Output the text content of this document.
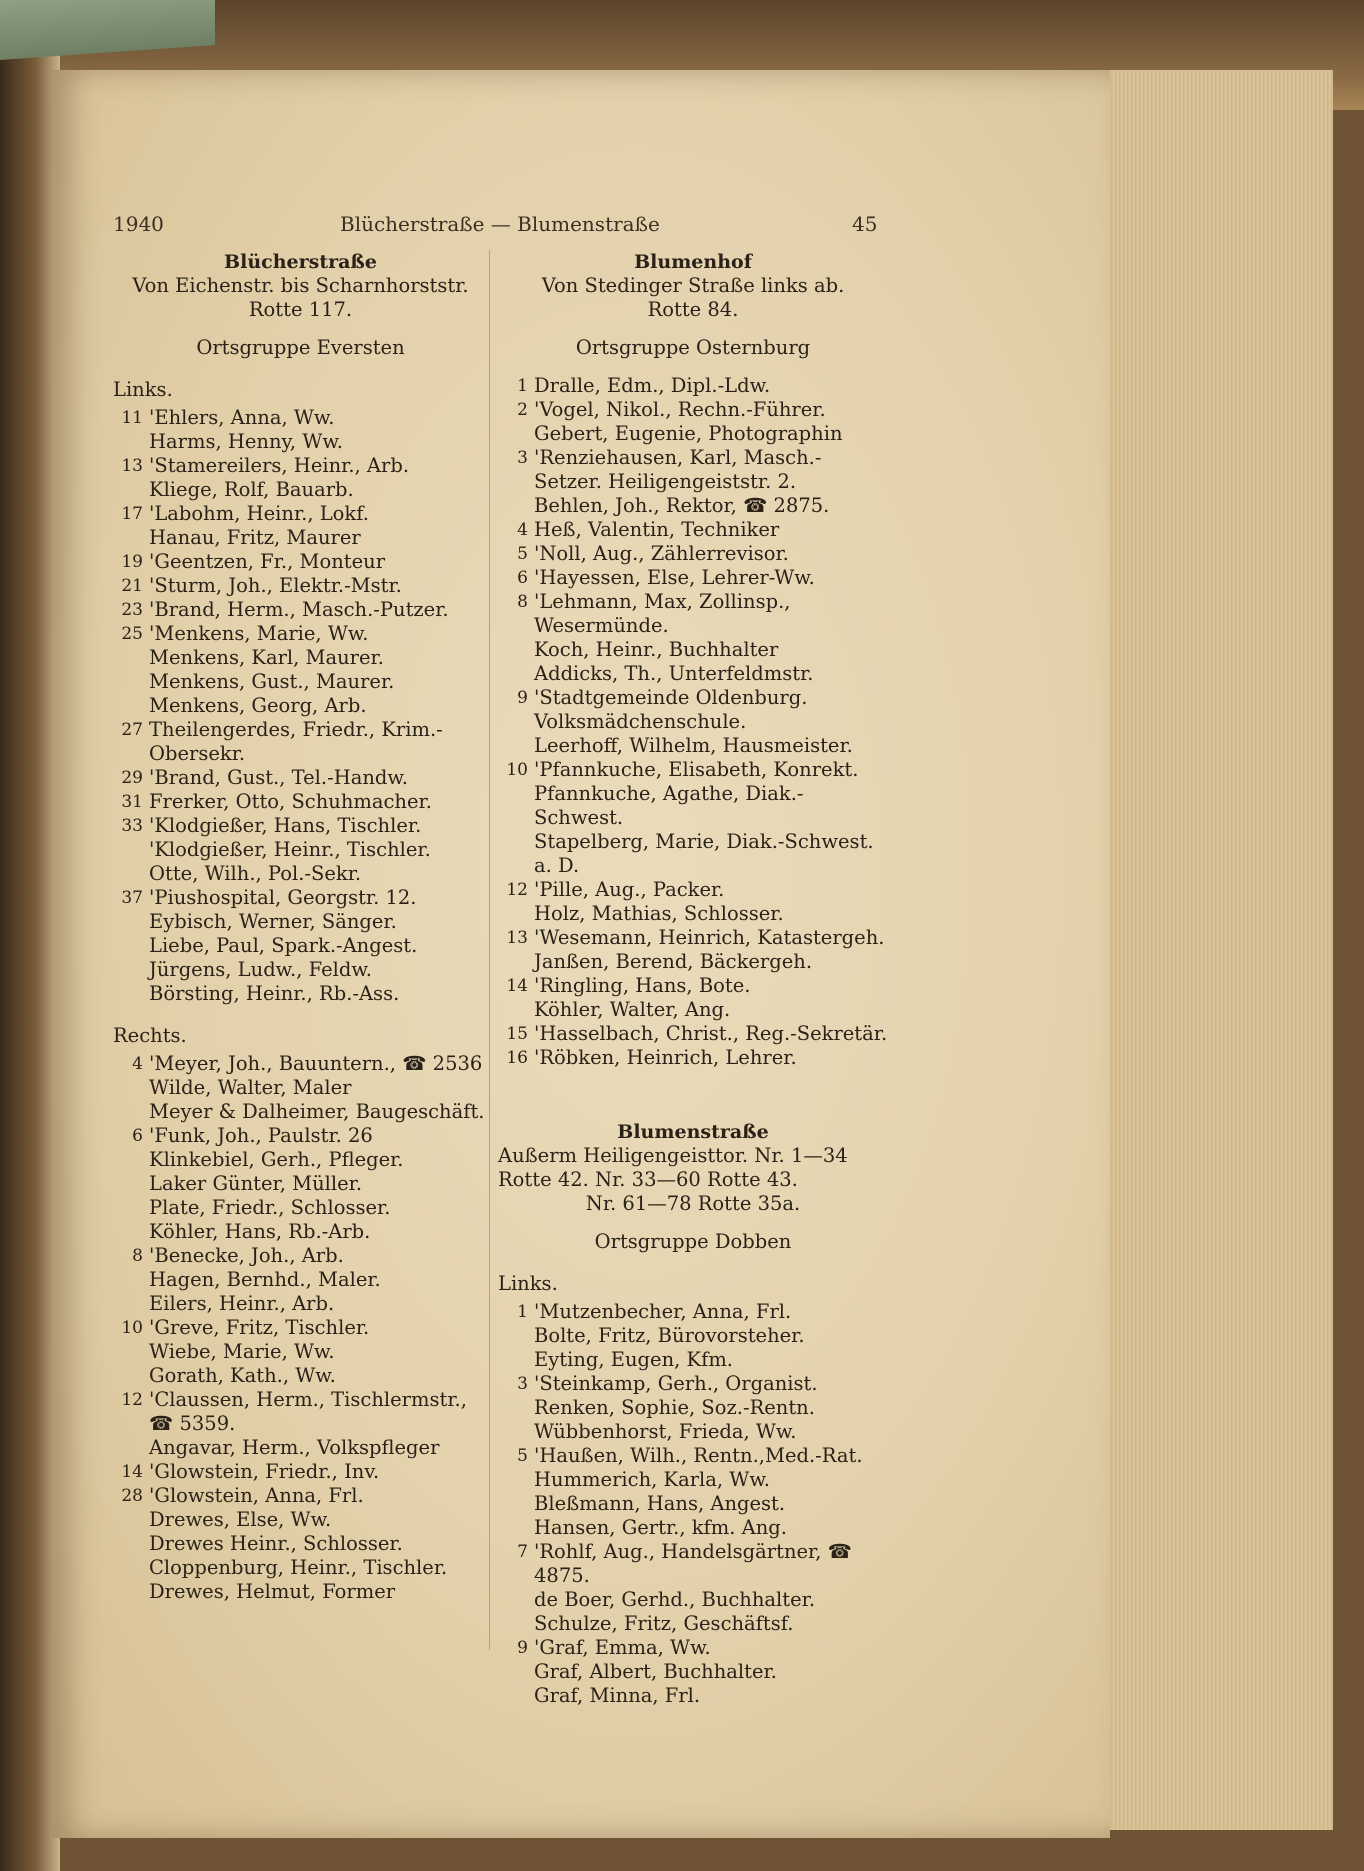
1940	Blücherstraße — Blumenstraße	45
Blücherstraße
Von Eichenstr. bis Scharnhorststr.
Rotte 117.
Ortsgruppe Eversten
Links.
11 'Ehlers, Anna, Ww.
Harms, Henny, Ww.
13 'Stamereilers, Heinr., Arb.
Kliege, Rolf, Bauarb.
17 'Labohm, Heinr., Lokf.
Hanau, Fritz, Maurer
19 'Geentzen, Fr., Monteur
21 'Sturm, Joh., Elektr.-Mstr.
23 'Brand, Herm., Masch.-Putzer.
25 'Menkens, Marie, Ww.
Menkens, Karl, Maurer.
Menkens, Gust., Maurer.
Menkens, Georg, Arb.
27 Theilengerdes, Friedr., Krim.-Obersekr.
29 'Brand, Gust., Tel.-Handw.
31 Frerker, Otto, Schuhmacher.
33 'Klodgießer, Hans, Tischler.
'Klodgießer, Heinr., Tischler.
Otte, Wilh., Pol.-Sekr.
37 'Piushospital, Georgstr. 12.
Eybisch, Werner, Sänger.
Liebe, Paul, Spark.-Angest.
Jürgens, Ludw., Feldw.
Börsting, Heinr., Rb.-Ass.
Rechts.
4 'Meyer, Joh., Bauuntern., ☎ 2536
Wilde, Walter, Maler
Meyer & Dalheimer, Baugeschäft.
6 'Funk, Joh., Paulstr. 26
Klinkebiel, Gerh., Pfleger.
Laker Günter, Müller.
Plate, Friedr., Schlosser.
Köhler, Hans, Rb.-Arb.
8 'Benecke, Joh., Arb.
Hagen, Bernhd., Maler.
Eilers, Heinr., Arb.
10 'Greve, Fritz, Tischler.
Wiebe, Marie, Ww.
Gorath, Kath., Ww.
12 'Claussen, Herm., Tischlermstr., ☎ 5359.
Angavar, Herm., Volkspfleger
14 'Glowstein, Friedr., Inv.
28 'Glowstein, Anna, Frl.
Drewes, Else, Ww.
Drewes Heinr., Schlosser.
Cloppenburg, Heinr., Tischler.
Drewes, Helmut, Former
Blumenhof
Von Stedinger Straße links ab.
Rotte 84.
Ortsgruppe Osternburg
1 Dralle, Edm., Dipl.-Ldw.
2 'Vogel, Nikol., Rechn.-Führer.
Gebert, Eugenie, Photographin
3 'Renziehausen, Karl, Masch.-Setzer. Heiligengeiststr. 2.
Behlen, Joh., Rektor, ☎ 2875.
4 Heß, Valentin, Techniker
5 'Noll, Aug., Zählerrevisor.
6 'Hayessen, Else, Lehrer-Ww.
8 'Lehmann, Max, Zollinsp., Wesermünde.
Koch, Heinr., Buchhalter
Addicks, Th., Unterfeldmstr.
9 'Stadtgemeinde Oldenburg. Volksmädchenschule.
Leerhoff, Wilhelm, Hausmeister.
10 'Pfannkuche, Elisabeth, Konrekt.
Pfannkuche, Agathe, Diak.-Schwest.
Stapelberg, Marie, Diak.-Schwest. a. D.
12 'Pille, Aug., Packer.
Holz, Mathias, Schlosser.
13 'Wesemann, Heinrich, Katastergeh.
Janßen, Berend, Bäckergeh.
14 'Ringling, Hans, Bote.
Köhler, Walter, Ang.
15 'Hasselbach, Christ., Reg.-Sekretär.
16 'Röbken, Heinrich, Lehrer.
Blumenstraße
Außerm Heiligengeisttor. Nr. 1—34 Rotte 42. Nr. 33—60 Rotte 43.
Nr. 61—78 Rotte 35a.
Ortsgruppe Dobben
Links.
1 'Mutzenbecher, Anna, Frl.
Bolte, Fritz, Bürovorsteher.
Eyting, Eugen, Kfm.
3 'Steinkamp, Gerh., Organist.
Renken, Sophie, Soz.-Rentn.
Wübbenhorst, Frieda, Ww.
5 'Haußen, Wilh., Rentn.,Med.-Rat.
Hummerich, Karla, Ww.
Bleßmann, Hans, Angest.
Hansen, Gertr., kfm. Ang.
7 'Rohlf, Aug., Handelsgärtner, ☎ 4875.
de Boer, Gerhd., Buchhalter.
Schulze, Fritz, Geschäftsf.
9 'Graf, Emma, Ww.
Graf, Albert, Buchhalter.
Graf, Minna, Frl.
